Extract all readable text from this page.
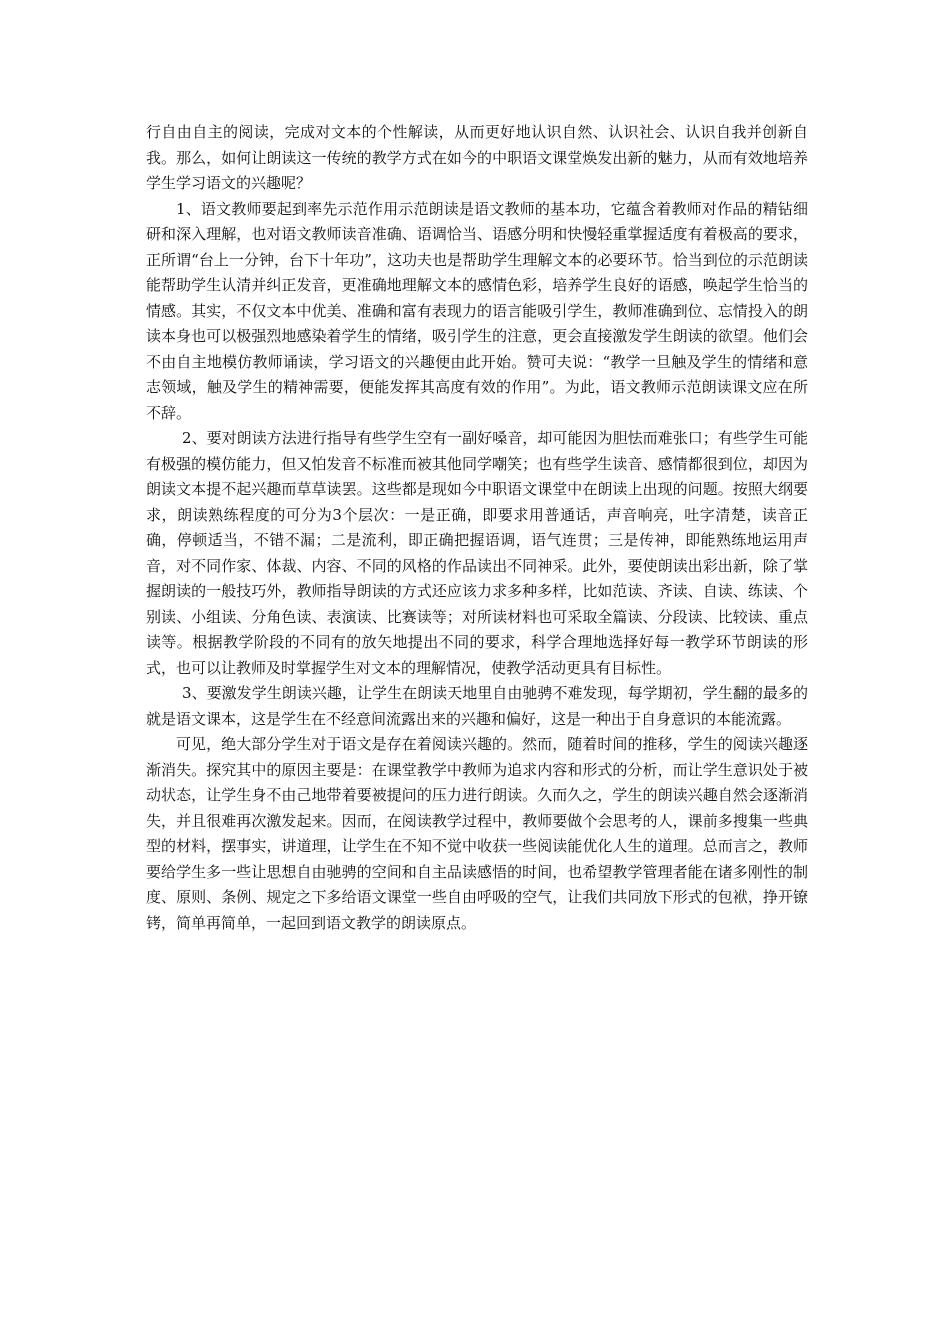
行自由自主的阅读，完成对文本的个性解读，从而更好地认识自然、认识社会、认识自我并创新自我。那么，如何让朗读这一传统的教学方式在如今的中职语文课堂焕发出新的魅力，从而有效地培养学生学习语文的兴趣呢？

1、语文教师要起到率先示范作用示范朗读是语文教师的基本功，它蕴含着教师对作品的精钻细研和深入理解，也对语文教师读音准确、语调恰当、语感分明和快慢轻重掌握适度有着极高的要求，正所谓“台上一分钟，台下十年功”，这功夫也是帮助学生理解文本的必要环节。恰当到位的示范朗读能帮助学生认清并纠正发音，更准确地理解文本的感情色彩，培养学生良好的语感，唤起学生恰当的情感。其实，不仅文本中优美、准确和富有表现力的语言能吸引学生，教师准确到位、忘情投入的朗读本身也可以极强烈地感染着学生的情绪，吸引学生的注意，更会直接激发学生朗读的欲望。他们会不由自主地模仿教师诵读，学习语文的兴趣便由此开始。赞可夫说：“教学一旦触及学生的情绪和意志领域，触及学生的精神需要，便能发挥其高度有效的作用”。为此，语文教师示范朗读课文应在所不辞。

2、要对朗读方法进行指导有些学生空有一副好嗓音，却可能因为胆怯而难张口；有些学生可能有极强的模仿能力，但又怕发音不标准而被其他同学嘲笑；也有些学生读音、感情都很到位，却因为朗读文本提不起兴趣而草草读罢。这些都是现如今中职语文课堂中在朗读上出现的问题。按照大纲要求，朗读熟练程度的可分为3个层次：一是正确，即要求用普通话，声音响亮，吐字清楚，读音正确，停顿适当，不错不漏；二是流利，即正确把握语调，语气连贯；三是传神，即能熟练地运用声音，对不同作家、体裁、内容、不同的风格的作品读出不同神采。此外，要使朗读出彩出新，除了掌握朗读的一般技巧外，教师指导朗读的方式还应该力求多种多样，比如范读、齐读、自读、练读、个别读、小组读、分角色读、表演读、比赛读等；对所读材料也可采取全篇读、分段读、比较读、重点读等。根据教学阶段的不同有的放矢地提出不同的要求，科学合理地选择好每一教学环节朗读的形式，也可以让教师及时掌握学生对文本的理解情况，使教学活动更具有目标性。

3、要激发学生朗读兴趣，让学生在朗读天地里自由驰骋不难发现，每学期初，学生翻的最多的就是语文课本，这是学生在不经意间流露出来的兴趣和偏好，这是一种出于自身意识的本能流露。

可见，绝大部分学生对于语文是存在着阅读兴趣的。然而，随着时间的推移，学生的阅读兴趣逐渐消失。探究其中的原因主要是：在课堂教学中教师为追求内容和形式的分析，而让学生意识处于被动状态，让学生身不由己地带着要被提问的压力进行朗读。久而久之，学生的朗读兴趣自然会逐渐消失，并且很难再次激发起来。因而，在阅读教学过程中，教师要做个会思考的人，课前多搜集一些典型的材料，摆事实，讲道理，让学生在不知不觉中收获一些阅读能优化人生的道理。总而言之，教师要给学生多一些让思想自由驰骋的空间和自主品读感悟的时间，也希望教学管理者能在诸多刚性的制度、原则、条例、规定之下多给语文课堂一些自由呼吸的空气，让我们共同放下形式的包袱，挣开镣铐，简单再简单，一起回到语文教学的朗读原点。
